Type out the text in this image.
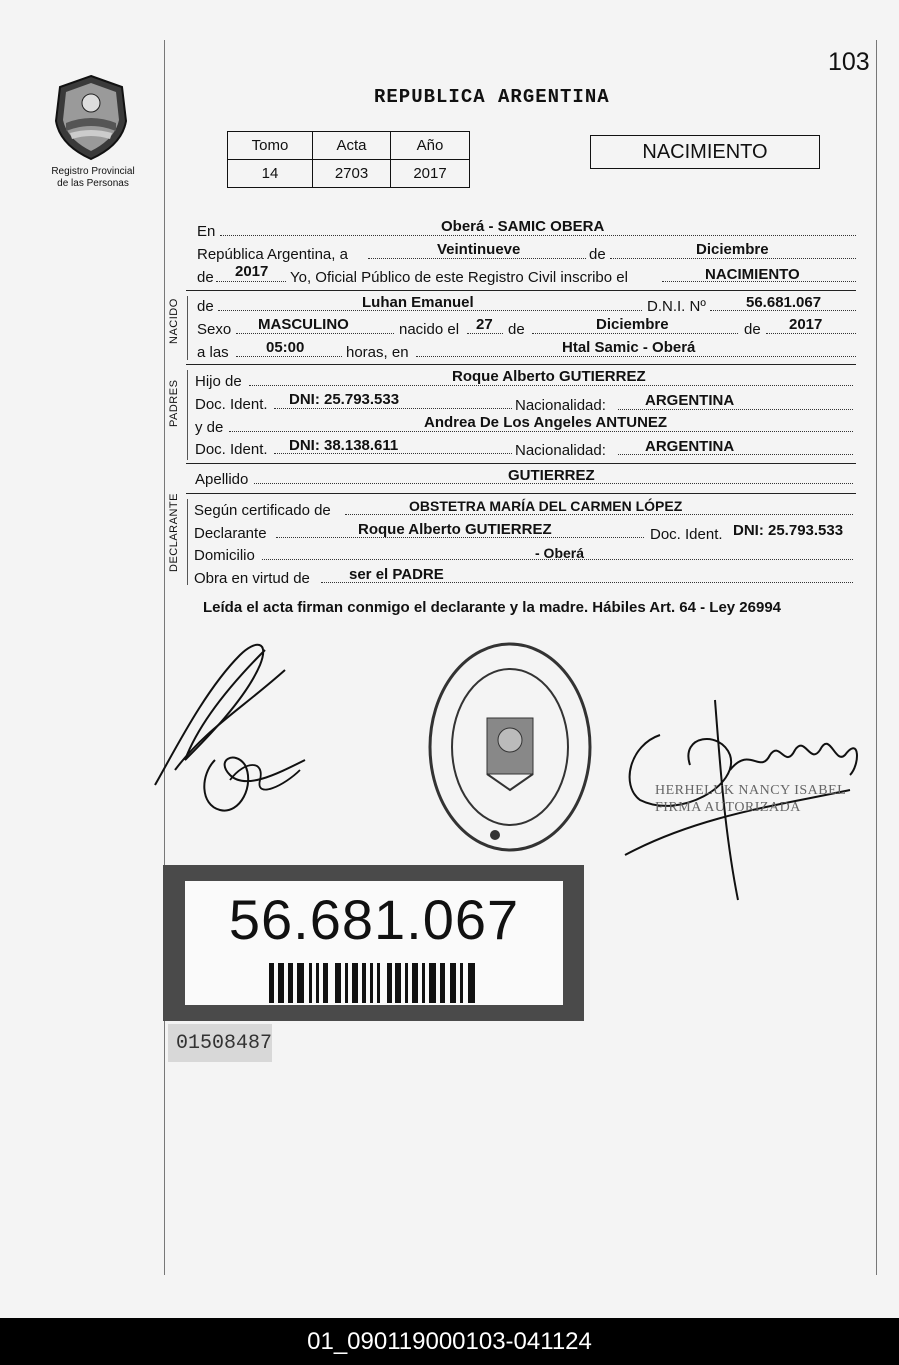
103
Registro Provincial
de las Personas
REPUBLICA ARGENTINA
Tomo	Acta	Año
14	2703	2017
NACIMIENTO
En	Oberá - SAMIC OBERA
República Argentina, a	Veintinueve	de	Diciembre
de 2017 Yo, Oficial Público de este Registro Civil inscribo el	NACIMIENTO
NACIDO de	Luhan Emanuel	D.N.I. Nº	56.681.067
Sexo MASCULINO	nacido el 27 de	Diciembre	de 2017
a las 05:00	horas, en	Htal Samic - Oberá
PADRES Hijo de	Roque Alberto GUTIERREZ
Doc. Ident. DNI: 25.793.533	Nacionalidad:	ARGENTINA
y de	Andrea De Los Angeles ANTUNEZ
Doc. Ident. DNI: 38.138.611	Nacionalidad:	ARGENTINA
Apellido	GUTIERREZ
DECLARANTE Según certificado de	OBSTETRA MARÍA DEL CARMEN LÓPEZ
Declarante	Roque Alberto GUTIERREZ	Doc. Ident. DNI: 25.793.533
Domicilio	- Oberá
Obra en virtud de	ser el PADRE
Leída el acta firman conmigo el declarante y la madre. Hábiles Art. 64 - Ley 26994
HERHELUK NANCY ISABEL
FIRMA AUTORIZADA
56.681.067
01508487
01_090119000103-041124
